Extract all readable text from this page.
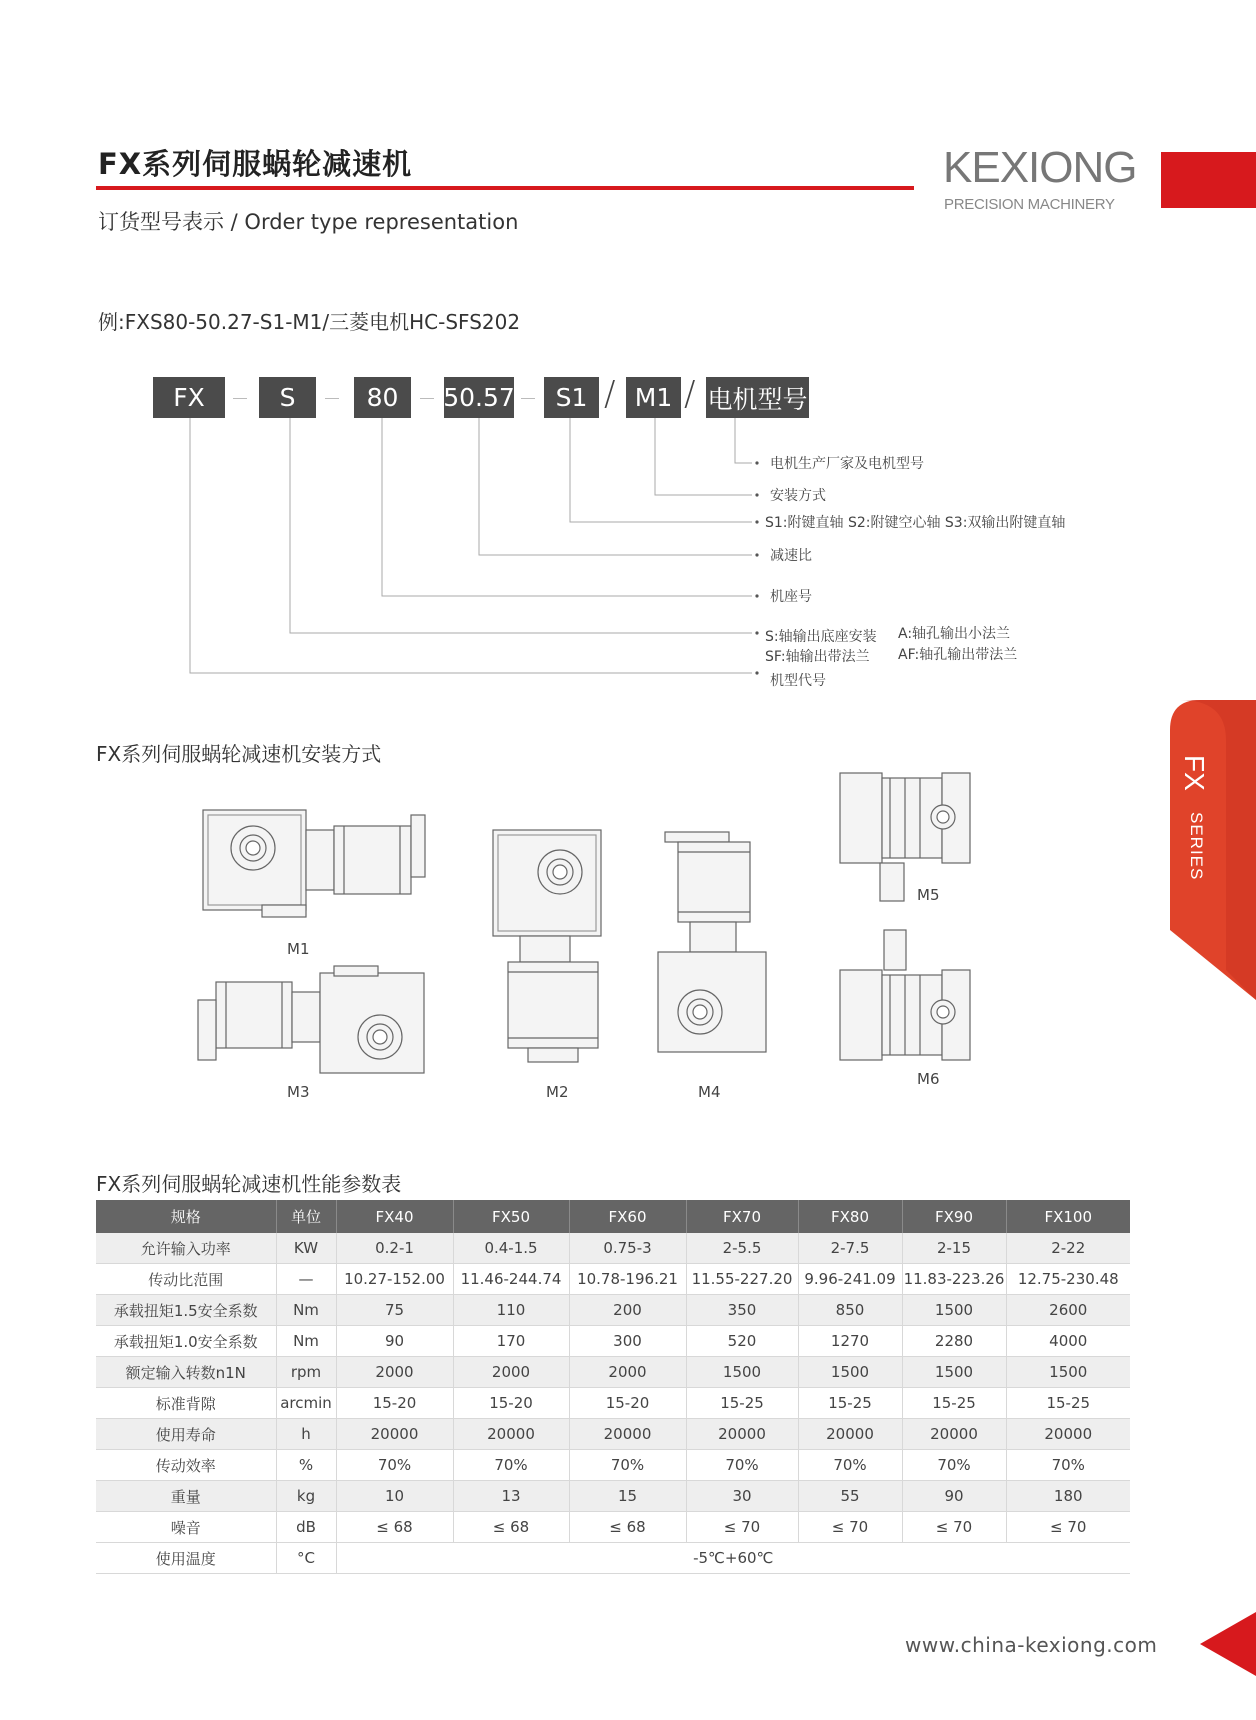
FX系列伺服蜗轮减速机
订货型号表示 / Order type representation
KEXIONG
PRECISION MACHINERY
例:FXS80-50.27-S1-M1/三菱电机HC-SFS202
FX	S	80	50.57	S1 / M1 / 电机型号
电机生产厂家及电机型号
安装方式
S1:附键直轴 S2:附键空心轴 S3:双输出附键直轴
减速比
机座号
S:轴输出底座安装
SF:轴输出带法兰
A:轴孔输出小法兰
AF:轴孔输出带法兰
机型代号
FX系列伺服蜗轮减速机安装方式
M1
M2
M3	M4
M5
M6
FX系列伺服蜗轮减速机性能参数表
规格	单位	FX40	FX50	FX60	FX70	FX80	FX90	FX100
允许输入功率	KW	0.2-1	0.4-1.5	0.75-3	2-5.5	2-7.5	2-15	2-22
传动比范围	—	10.27-152.00	11.46-244.74	10.78-196.21	11.55-227.20	9.96-241.09	11.83-223.26	12.75-230.48
承载扭矩1.5安全系数	Nm	75	110	200	350	850	1500	2600
承载扭矩1.0安全系数	Nm	90	170	300	520	1270	2280	4000
额定输入转数n1N	rpm	2000	2000	2000	1500	1500	1500	1500
标准背隙	arcmin	15-20	15-20	15-20	15-25	15-25	15-25	15-25
使用寿命	h	20000	20000	20000	20000	20000	20000	20000
传动效率	%	70%	70%	70%	70%	70%	70%	70%
重量	kg	10	13	15	30	55	90	180
噪音	dB	≤ 68	≤ 68	≤ 68	≤ 70	≤ 70	≤ 70	≤ 70
使用温度	°C	-5℃+60℃						
FX
SERIES
www.china-kexiong.com
